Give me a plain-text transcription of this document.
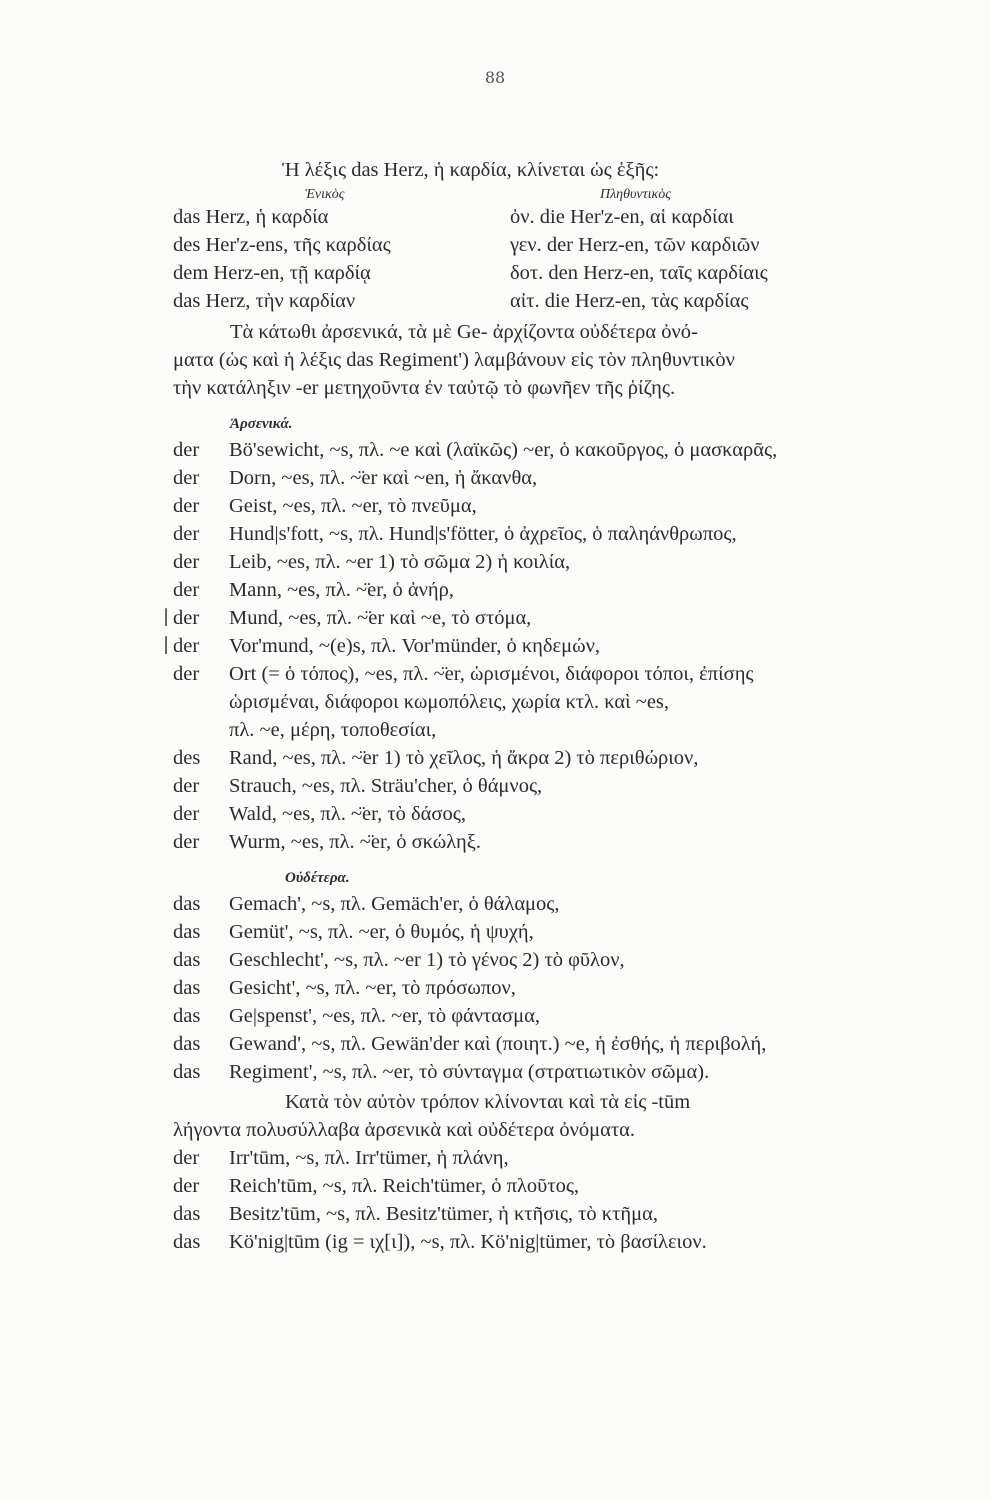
88
Ἡ λέξις das Herz, ἡ καρδία, κλίνεται ὡς ἑξῆς:
Ἑνικὸς	Πληθυντικὸς
das Herz, ἡ καρδία
des Her'z-ens, τῆς καρδίας
dem Herz-en, τῇ καρδίᾳ
das Herz, τὴν καρδίαν
ὀν. die Her'z-en, αἱ καρδίαι
γεν. der Herz-en, τῶν καρδιῶν
δοτ. den Herz-en, ταῖς καρδίαις
αἰτ. die Herz-en, τὰς καρδίας
Τὰ κάτωθι ἀρσενικά, τὰ μὲ Ge- ἀρχίζοντα οὐδέτερα ὀνό-
ματα (ὡς καὶ ἡ λέξις das Regiment') λαμβάνουν εἰς τὸν πληθυντικὸν
τὴν κατάληξιν -er μετηχοῦντα ἐν ταὐτῷ τὸ φωνῆεν τῆς ῥίζης.
Ἀρσενικά.
der Bö'sewicht, ~s, πλ. ~e καὶ (λαϊκῶς) ~er, ὁ κακοῦργος, ὁ μασκαρᾶς,
der Dorn, ~es, πλ. ~̈er καὶ ~en, ἡ ἄκανθα,
der Geist, ~es, πλ. ~er, τὸ πνεῦμα,
der Hund|s'fott, ~s, πλ. Hund|s'fötter, ὁ ἀχρεῖος, ὁ παληάνθρωπος,
der Leib, ~es, πλ. ~er 1) τὸ σῶμα 2) ἡ κοιλία,
der Mann, ~es, πλ. ~̈er, ὁ ἀνήρ,
| der Mund, ~es, πλ. ~̈er καὶ ~e, τὸ στόμα,
| der Vor'mund, ~(e)s, πλ. Vor'münder, ὁ κηδεμών,
der Ort (= ὁ τόπος), ~es, πλ. ~̈er, ὡρισμένοι, διάφοροι τόποι, ἐπίσης
ὡρισμέναι, διάφοροι κωμοπόλεις, χωρία κτλ. καὶ ~es,
πλ. ~e, μέρη, τοποθεσίαι,
des Rand, ~es, πλ. ~̈er 1) τὸ χεῖλος, ἡ ἄκρα 2) τὸ περιθώριον,
der Strauch, ~es, πλ. Sträu'cher, ὁ θάμνος,
der Wald, ~es, πλ. ~̈er, τὸ δάσος,
der Wurm, ~es, πλ. ~̈er, ὁ σκώληξ.
Οὐδέτερα.
das Gemach', ~s, πλ. Gemäch'er, ὁ θάλαμος,
das Gemüt', ~s, πλ. ~er, ὁ θυμός, ἡ ψυχή,
das Geschlecht', ~s, πλ. ~er 1) τὸ γένος 2) τὸ φῦλον,
das Gesicht', ~s, πλ. ~er, τὸ πρόσωπον,
das Ge|spenst', ~es, πλ. ~er, τὸ φάντασμα,
das Gewand', ~s, πλ. Gewän'der καὶ (ποιητ.) ~e, ἡ ἐσθής, ἡ περιβολή,
das Regiment', ~s, πλ. ~er, τὸ σύνταγμα (στρατιωτικὸν σῶμα).
Κατὰ τὸν αὐτὸν τρόπον κλίνονται καὶ τὰ εἰς -tūm
λήγοντα πολυσύλλαβα ἀρσενικὰ καὶ οὐδέτερα ὀνόματα.
der Irr'tūm, ~s, πλ. Irr'tümer, ἡ πλάνη,
der Reich'tūm, ~s, πλ. Reich'tümer, ὁ πλοῦτος,
das Besitz'tūm, ~s, πλ. Besitz'tümer, ἡ κτῆσις, τὸ κτῆμα,
das Kö'nig|tūm (ig = ιχ[ι]), ~s, πλ. Kö'nig|tümer, τὸ βασίλειον.
